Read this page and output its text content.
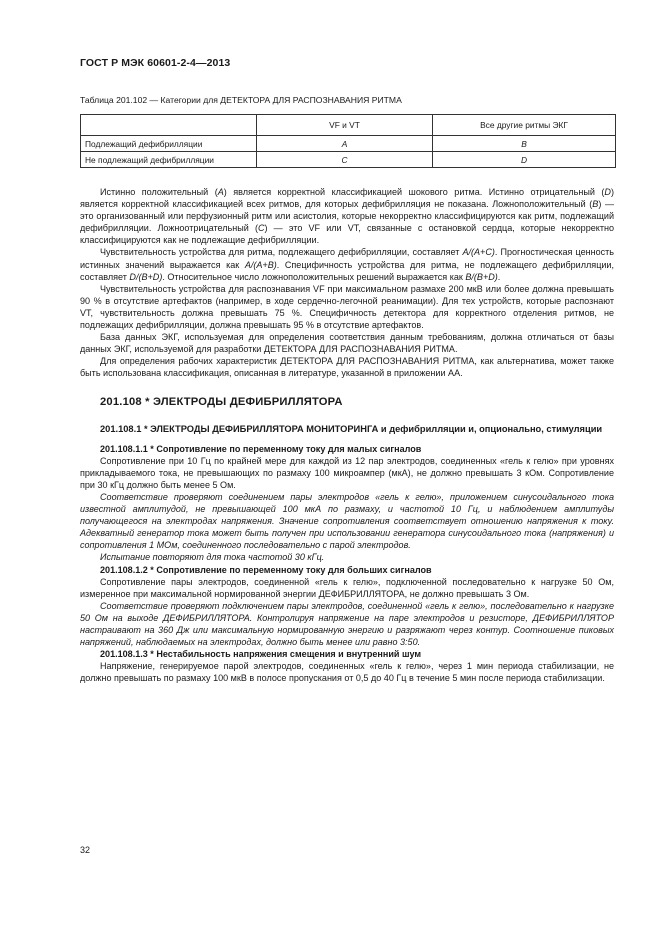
ГОСТ Р МЭК 60601-2-4—2013
Таблица 201.102 — Категории для ДЕТЕКТОРА ДЛЯ РАСПОЗНАВАНИЯ РИТМА
	VF и VT	Все другие ритмы ЭКГ
Подлежащий дефибрилляции	A	B
Не подлежащий дефибрилляции	C	D

Истинно положительный (А) является корректной классификацией шокового ритма. Истинно отрицательный (D) является корректной классификацией всех ритмов, для которых дефибрилляция не показана. Ложноположительный (В) — это организованный или перфузионный ритм или асистолия, которые некорректно классифицируются как ритм, подлежащий дефибрилляции. Ложноотрицательный (С) — это VF или VT, связанные с остановкой сердца, которые некорректно классифицируются как не подлежащие дефибрилляции.

Чувствительность устройства для ритма, подлежащего дефибрилляции, составляет A/(A+C). Прогностическая ценность истинных значений выражается как A/(A+B). Специфичность устройства для ритма, не подлежащего дефибрилляции, составляет D/(B+D). Относительное число ложноположительных решений выражается как B/(B+D).

Чувствительность устройства для распознавания VF при максимальном размахе 200 мкВ или более должна превышать 90 % в отсутствие артефактов (например, в ходе сердечно-легочной реанимации). Для тех устройств, которые распознают VT, чувствительность должна превышать 75 %. Специфичность детектора для корректного отделения ритмов, не подлежащих дефибрилляции, должна превышать 95 % в отсутствие артефактов.

База данных ЭКГ, используемая для определения соответствия данным требованиям, должна отличаться от базы данных ЭКГ, используемой для разработки ДЕТЕКТОРА ДЛЯ РАСПОЗНАВАНИЯ РИТМА.

Для определения рабочих характеристик ДЕТЕКТОРА ДЛЯ РАСПОЗНАВАНИЯ РИТМА, как альтернатива, может также быть использована классификация, описанная в литературе, указанной в приложении АА.

201.108 * ЭЛЕКТРОДЫ ДЕФИБРИЛЛЯТОРА

201.108.1 * ЭЛЕКТРОДЫ ДЕФИБРИЛЛЯТОРА МОНИТОРИНГА и дефибрилляции и, опционально, стимуляции

201.108.1.1 * Сопротивление по переменному току для малых сигналов

Сопротивление при 10 Гц по крайней мере для каждой из 12 пар электродов, соединенных «гель к гелю» при уровнях прикладываемого тока, не превышающих по размаху 100 микроампер (мкА), не должно превышать 3 кОм. Сопротивление при 30 кГц должно быть менее 5 Ом.

Соответствие проверяют соединением пары электродов «гель к гелю», приложением синусоидального тока известной амплитудой, не превышающей 100 мкА по размаху, и частотой 10 Гц, и наблюдением амплитуды получающегося на электродах напряжения. Значение сопротивления соответствует отношению напряжения к току. Адекватный генератор тока может быть получен при использовании генератора синусоидального тока (напряжения) и сопротивления 1 МОм, соединенного последовательно с парой электродов.

Испытание повторяют для тока частотой 30 кГц.

201.108.1.2 * Сопротивление по переменному току для больших сигналов

Сопротивление пары электродов, соединенной «гель к гелю», подключенной последовательно к нагрузке 50 Ом, измеренное при максимальной нормированной энергии ДЕФИБРИЛЛЯТОРА, не должно превышать 3 Ом.

Соответствие проверяют подключением пары электродов, соединенной «гель к гелю», последовательно к нагрузке 50 Ом на выходе ДЕФИБРИЛЛЯТОРА. Контролируя напряжение на паре электродов и резисторе, ДЕФИБРИЛЛЯТОР настраивают на 360 Дж или максимальную нормированную энергию и разряжают через контур. Соотношение пиковых напряжений, наблюдаемых на электродах, должно быть менее или равно 3:50.

201.108.1.3 * Нестабильность напряжения смещения и внутренний шум

Напряжение, генерируемое парой электродов, соединенных «гель к гелю», через 1 мин периода стабилизации, не должно превышать по размаху 100 мкВ в полосе пропускания от 0,5 до 40 Гц в течение 5 мин после периода стабилизации.

32
